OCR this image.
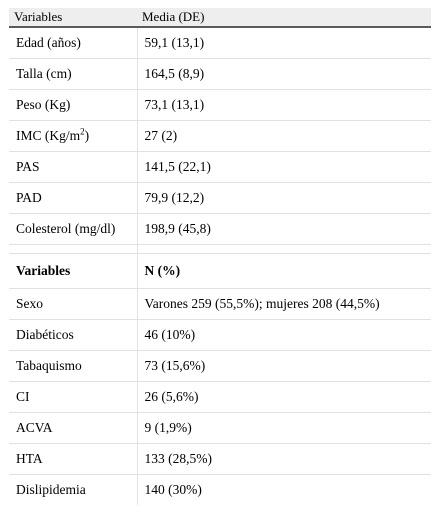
Variables	Media (DE)
Edad (años)	59,1 (13,1)
Talla (cm)	164,5 (8,9)
Peso (Kg)	73,1 (13,1)
IMC $(Kg/m^2)$	27 (2)
PAS	141,5 (22,1)
PAD	79,9 (12,2)
Colesterol (mg/dl)	198,9 (45,8)

Variables	N (%)
Sexo	Varones 259 (55,5%); mujeres 208 (44,5%)
Diabéticos	46 (10%)
Tabaquismo	73 (15,6%)
CI	26 (5,6%)
ACVA	9 (1,9%)
HTA	133 (28,5%)
Dislipidemia	140 (30%)
